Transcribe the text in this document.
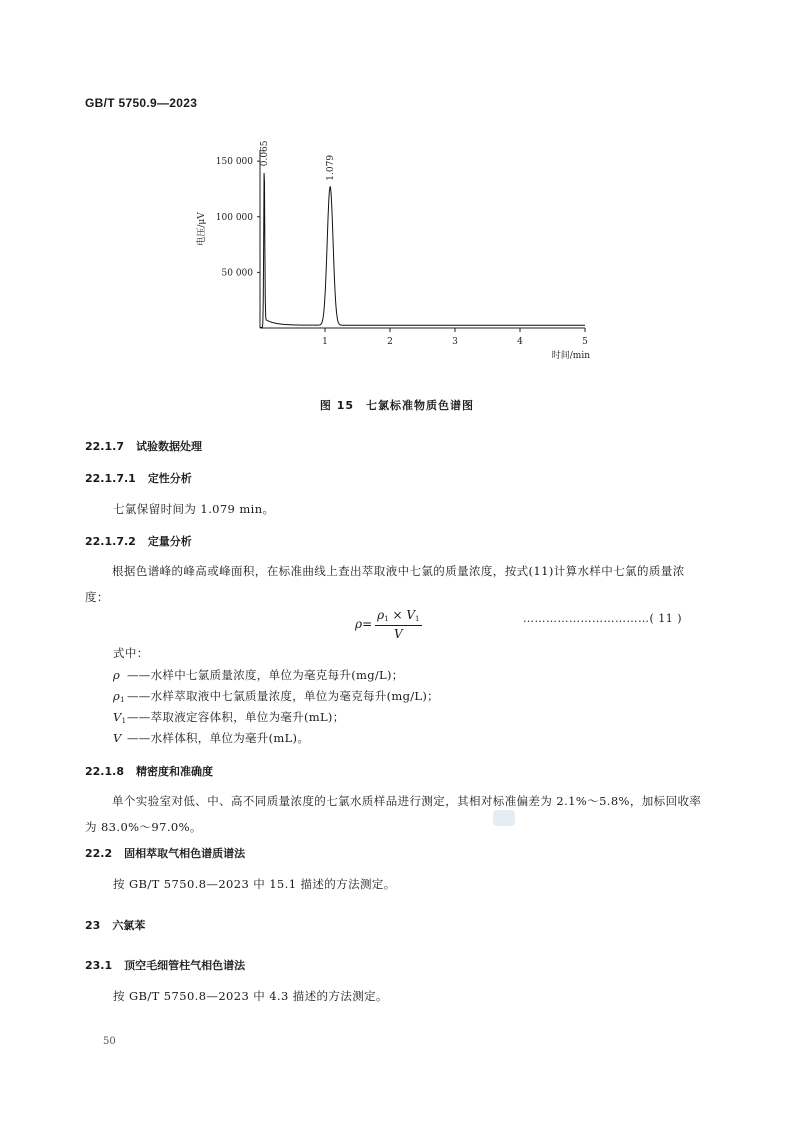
GB/T 5750.9—2023
50 000
100 000
150 000
1	2	3	4	5
电压/μV
时间/min
0.065
1.079
图 15　七氯标准物质色谱图
22.1.7 试验数据处理
22.1.7.1 定性分析
七氯保留时间为 1.079 min。
22.1.7.2 定量分析
根据色谱峰的峰高或峰面积，在标准曲线上查出萃取液中七氯的质量浓度，按式(11)计算水样中七氯的质量浓度：
$\rho= \frac{\rho_1 \times V_1}{V}$	……………………………( 11 )
式中：
ρ ——水样中七氯质量浓度，单位为毫克每升(mg/L)；
$\rho_1$ ——水样萃取液中七氯质量浓度，单位为毫克每升(mg/L)；
$V_1——$萃取液定容体积，单位为毫升(mL)；
V ——水样体积，单位为毫升(mL)。
22.1.8 精密度和准确度
单个实验室对低、中、高不同质量浓度的七氯水质样品进行测定，其相对标准偏差为 2.1%～5.8%，加标回收率为 83.0%～97.0%。
22.2 固相萃取气相色谱质谱法
按 GB/T 5750.8—2023 中 15.1 描述的方法测定。
23 六氯苯
23.1 顶空毛细管柱气相色谱法
按 GB/T 5750.8—2023 中 4.3 描述的方法测定。
50
